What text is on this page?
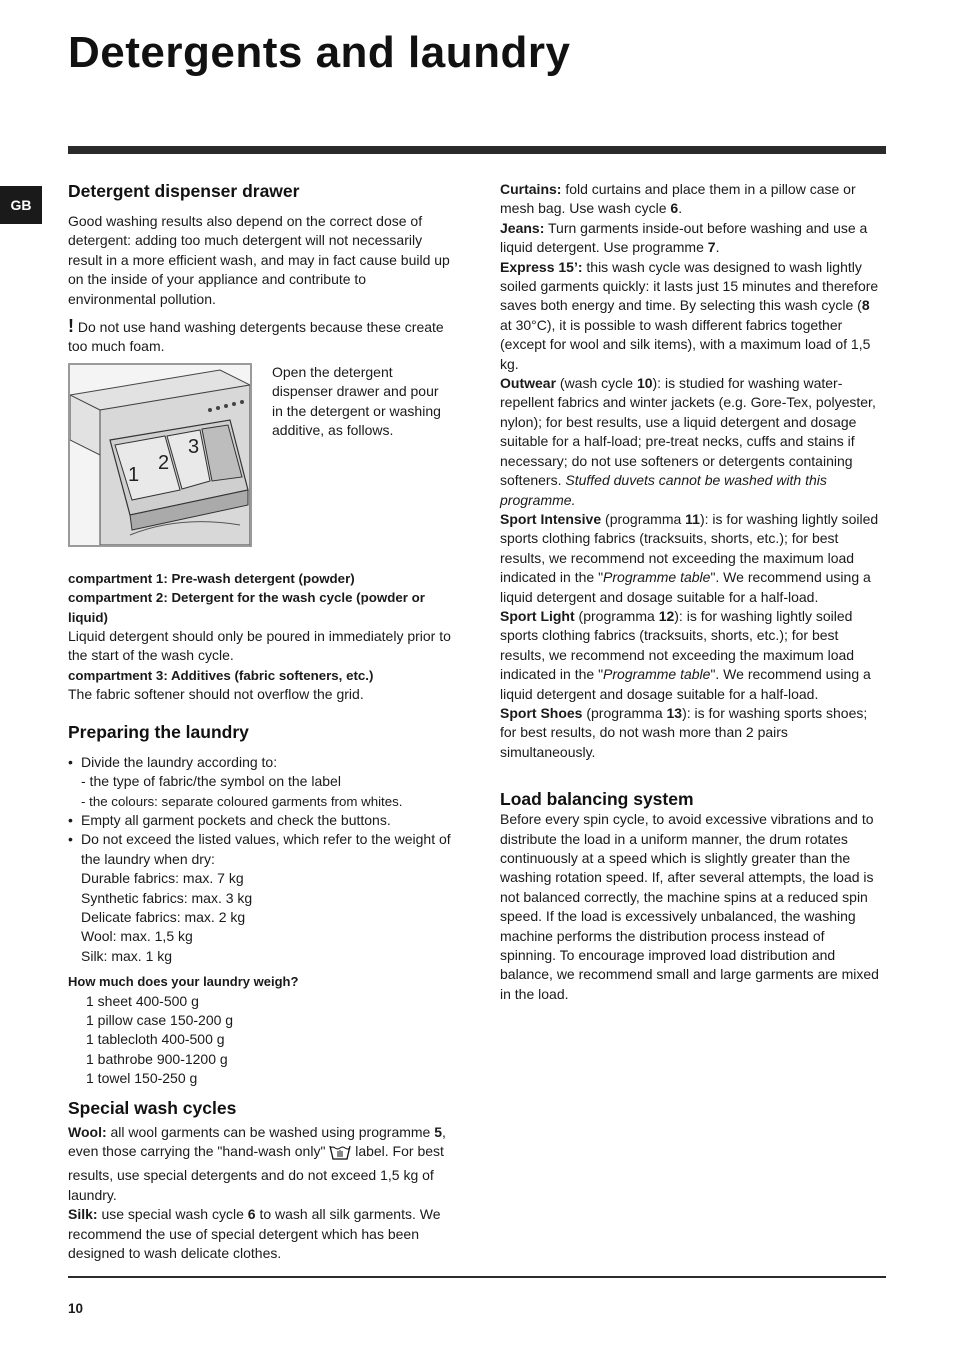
Detergents and laundry
GB
Detergent dispenser drawer

Good washing results also depend on the correct dose of detergent: adding too much detergent will not necessarily result in a more efficient wash, and may in fact cause build up on the inside of your appliance and contribute to environmental pollution.

! Do not use hand washing detergents because these create too much foam.

1
2
3

Open the detergent dispenser drawer and pour in the detergent or washing additive, as follows.

compartment 1: Pre-wash detergent (powder)

compartment 2: Detergent for the wash cycle (powder or liquid)

Liquid detergent should only be poured in immediately prior to the start of the wash cycle.

compartment 3: Additives (fabric softeners, etc.)

The fabric softener should not overflow the grid.

Preparing the laundry
• Divide the laundry according to:
- the type of fabric/the symbol on the label
- the colours: separate coloured garments from whites.
• Empty all garment pockets and check the buttons.
• Do not exceed the listed values, which refer to the weight of the laundry when dry:
Durable fabrics: max. 7 kg
Synthetic fabrics: max. 3 kg
Delicate fabrics: max. 2 kg
Wool: max. 1,5 kg
Silk: max. 1 kg

How much does your laundry weigh?

1 sheet 400-500 g
1 pillow case 150-200 g
1 tablecloth 400-500 g
1 bathrobe 900-1200 g
1 towel 150-250 g
Special wash cycles

Wool: all wool garments can be washed using programme 5, even those carrying the "hand-wash only"  label. For best results, use special detergents and do not exceed 1,5 kg of laundry.

Silk: use special wash cycle 6 to wash all silk garments. We recommend the use of special detergent which has been designed to wash delicate clothes.

Curtains: fold curtains and place them in a pillow case or mesh bag. Use wash cycle 6.

Jeans: Turn garments inside-out before washing and use a liquid detergent. Use programme 7.

Express 15’: this wash cycle was designed to wash lightly soiled garments quickly: it lasts just 15 minutes and therefore saves both energy and time. By selecting this wash cycle (8 at 30°C), it is possible to wash different fabrics together (except for wool and silk items), with a maximum load of 1,5 kg.

Outwear (wash cycle 10): is studied for washing water-repellent fabrics and winter jackets (e.g. Gore-Tex, polyester, nylon); for best results, use a liquid detergent and dosage suitable for a half-load; pre-treat necks, cuffs and stains if necessary; do not use softeners or detergents containing softeners. Stuffed duvets cannot be washed with this programme.

Sport Intensive (programma 11): is for washing lightly soiled sports clothing fabrics (tracksuits, shorts, etc.); for best results, we recommend not exceeding the maximum load indicated in the "Programme table". We recommend using a liquid detergent and dosage suitable for a half-load.

Sport Light (programma 12): is for washing lightly soiled sports clothing fabrics (tracksuits, shorts, etc.); for best results, we recommend not exceeding the maximum load indicated in the "Programme table". We recommend using a liquid detergent and dosage suitable for a half-load.

Sport Shoes (programma 13): is for washing sports shoes; for best results, do not wash more than 2 pairs simultaneously.

Load balancing system

Before every spin cycle, to avoid excessive vibrations and to distribute the load in a uniform manner, the drum rotates continuously at a speed which is slightly greater than the washing rotation speed. If, after several attempts, the load is not balanced correctly, the machine spins at a reduced spin speed. If the load is excessively unbalanced, the washing machine performs the distribution process instead of spinning. To encourage improved load distribution and balance, we recommend small and large garments are mixed in the load.

10
